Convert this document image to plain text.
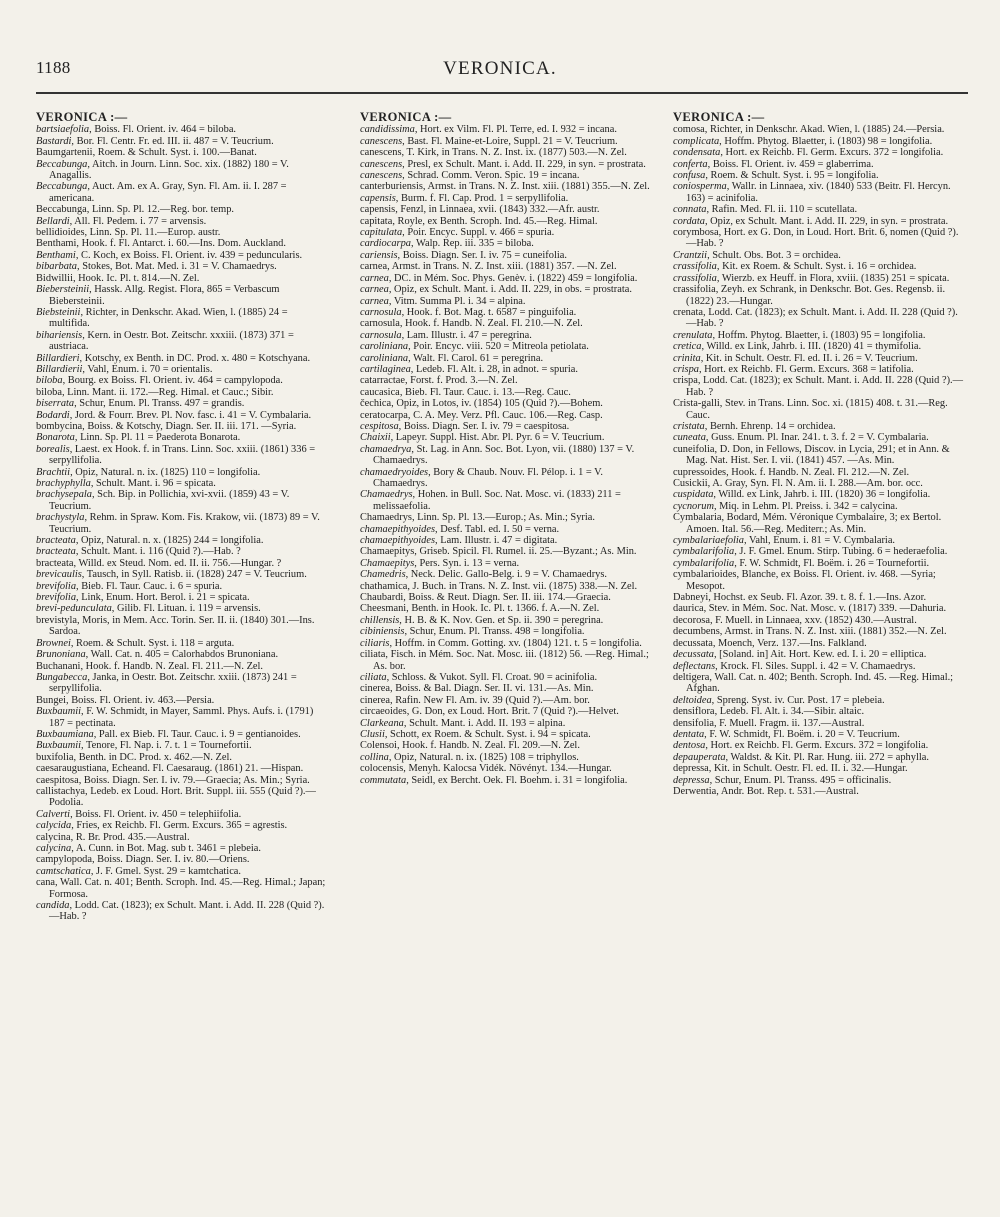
1188	VERONICA.
VERONICA :—

bartsiaefolia, Boiss. Fl. Orient. iv. 464 = biloba.

Bastardi, Bor. Fl. Centr. Fr. ed. III. ii. 487 = V. Teucrium.

Baumgartenii, Roem. & Schult. Syst. i. 100.—Banat.

Beccabunga, Aitch. in Journ. Linn. Soc. xix. (1882) 180 = V. Anagallis.

Beccabunga, Auct. Am. ex A. Gray, Syn. Fl. Am. ii. I. 287 = americana.

Beccabunga, Linn. Sp. Pl. 12.—Reg. bor. temp.

Bellardi, All. Fl. Pedem. i. 77 = arvensis.

bellidioides, Linn. Sp. Pl. 11.—Europ. austr.

Benthami, Hook. f. Fl. Antarct. i. 60.—Ins. Dom. Auckland.

Benthami, C. Koch, ex Boiss. Fl. Orient. iv. 439 = peduncularis.

bibarbata, Stokes, Bot. Mat. Med. i. 31 = V. Chamaedrys.

Bidwillii, Hook. Ic. Pl. t. 814.—N. Zel.

Biebersteinii, Hassk. Allg. Regist. Flora, 865 = Verbascum Biebersteinii.

Biebsteinii, Richter, in Denkschr. Akad. Wien, l. (1885) 24 = multifida.

bihariensis, Kern. in Oestr. Bot. Zeitschr. xxxiii. (1873) 371 = austriaca.

Billardieri, Kotschy, ex Benth. in DC. Prod. x. 480 = Kotschyana.

Billardierii, Vahl, Enum. i. 70 = orientalis.

biloba, Bourg. ex Boiss. Fl. Orient. iv. 464 = campylopoda.

biloba, Linn. Mant. ii. 172.—Reg. Himal. et Cauc.; Sibir.

biserrata, Schur, Enum. Pl. Transs. 497 = grandis.

Bodardi, Jord. & Fourr. Brev. Pl. Nov. fasc. i. 41 = V. Cymbalaria.

bombycina, Boiss. & Kotschy, Diagn. Ser. II. iii. 171. —Syria.

Bonarota, Linn. Sp. Pl. 11 = Paederota Bonarota.

borealis, Laest. ex Hook. f. in Trans. Linn. Soc. xxiii. (1861) 336 = serpyllifolia.

Brachtii, Opiz, Natural. n. ix. (1825) 110 = longifolia.

brachyphylla, Schult. Mant. i. 96 = spicata.

brachysepala, Sch. Bip. in Pollichia, xvi-xvii. (1859) 43 = V. Teucrium.

brachystyla, Rehm. in Spraw. Kom. Fis. Krakow, vii. (1873) 89 = V. Teucrium.

bracteata, Opiz, Natural. n. x. (1825) 244 = longifolia.

bracteata, Schult. Mant. i. 116 (Quid ?).—Hab. ?

bracteata, Willd. ex Steud. Nom. ed. II. ii. 756.—Hungar. ?

brevicaulis, Tausch, in Syll. Ratisb. ii. (1828) 247 = V. Teucrium.

brevifolia, Bieb. Fl. Taur. Cauc. i. 6 = spuria.

brevifolia, Link, Enum. Hort. Berol. i. 21 = spicata.

brevi-pedunculata, Gilib. Fl. Lituan. i. 119 = arvensis.

brevistyla, Moris, in Mem. Acc. Torin. Ser. II. ii. (1840) 301.—Ins. Sardoa.

Brownei, Roem. & Schult. Syst. i. 118 = arguta.

Brunoniana, Wall. Cat. n. 405 = Calorhabdos Brunoniana.

Buchanani, Hook. f. Handb. N. Zeal. Fl. 211.—N. Zel.

Bungabecca, Janka, in Oestr. Bot. Zeitschr. xxiii. (1873) 241 = serpyllifolia.

Bungei, Boiss. Fl. Orient. iv. 463.—Persia.

Buxbaumii, F. W. Schmidt, in Mayer, Samml. Phys. Aufs. i. (1791) 187 = pectinata.

Buxbaumiana, Pall. ex Bieb. Fl. Taur. Cauc. i. 9 = gentianoides.

Buxbaumii, Tenore, Fl. Nap. i. 7. t. 1 = Tournefortii.

buxifolia, Benth. in DC. Prod. x. 462.—N. Zel.

caesaraugustiana, Echeand. Fl. Caesaraug. (1861) 21. —Hispan.

caespitosa, Boiss. Diagn. Ser. I. iv. 79.—Graecia; As. Min.; Syria.

callistachya, Ledeb. ex Loud. Hort. Brit. Suppl. iii. 555 (Quid ?).—Podolia.

Calverti, Boiss. Fl. Orient. iv. 450 = telephiifolia.

calycida, Fries, ex Reichb. Fl. Germ. Excurs. 365 = agrestis.

calycina, R. Br. Prod. 435.—Austral.

calycina, A. Cunn. in Bot. Mag. sub t. 3461 = plebeia.

campylopoda, Boiss. Diagn. Ser. I. iv. 80.—Oriens.

camtschatica, J. F. Gmel. Syst. 29 = kamtchatica.

cana, Wall. Cat. n. 401; Benth. Scroph. Ind. 45.—Reg. Himal.; Japan; Formosa.

candida, Lodd. Cat. (1823); ex Schult. Mant. i. Add. II. 228 (Quid ?).—Hab. ?

VERONICA :—

candidissima, Hort. ex Vilm. Fl. Pl. Terre, ed. I. 932 = incana.

canescens, Bast. Fl. Maine-et-Loire, Suppl. 21 = V. Teucrium.

canescens, T. Kirk, in Trans. N. Z. Inst. ix. (1877) 503.—N. Zel.

canescens, Presl, ex Schult. Mant. i. Add. II. 229, in syn. = prostrata.

canescens, Schrad. Comm. Veron. Spic. 19 = incana.

canterburiensis, Armst. in Trans. N. Z. Inst. xiii. (1881) 355.—N. Zel.

capensis, Burm. f. Fl. Cap. Prod. 1 = serpyllifolia.

capensis, Fenzl, in Linnaea, xvii. (1843) 332.—Afr. austr.

capitata, Royle, ex Benth. Scroph. Ind. 45.—Reg. Himal.

capitulata, Poir. Encyc. Suppl. v. 466 = spuria.

cardiocarpa, Walp. Rep. iii. 335 = biloba.

cariensis, Boiss. Diagn. Ser. I. iv. 75 = cuneifolia.

carnea, Armst. in Trans. N. Z. Inst. xiii. (1881) 357. —N. Zel.

carnea, DC. in Mém. Soc. Phys. Genèv. i. (1822) 459 = longifolia.

carnea, Opiz, ex Schult. Mant. i. Add. II. 229, in obs. = prostrata.

carnea, Vitm. Summa Pl. i. 34 = alpina.

carnosula, Hook. f. Bot. Mag. t. 6587 = pinguifolia.

carnosula, Hook. f. Handb. N. Zeal. Fl. 210.—N. Zel.

carnosula, Lam. Illustr. i. 47 = peregrina.

caroliniana, Poir. Encyc. viii. 520 = Mitreola petiolata.

caroliniana, Walt. Fl. Carol. 61 = peregrina.

cartilaginea, Ledeb. Fl. Alt. i. 28, in adnot. = spuria.

catarractae, Forst. f. Prod. 3.—N. Zel.

caucasica, Bieb. Fl. Taur. Cauc. i. 13.—Reg. Cauc.

čechica, Opiz, in Lotos, iv. (1854) 105 (Quid ?).—Bohem.

ceratocarpa, C. A. Mey. Verz. Pfl. Cauc. 106.—Reg. Casp.

cespitosa, Boiss. Diagn. Ser. I. iv. 79 = caespitosa.

Chaixii, Lapeyr. Suppl. Hist. Abr. Pl. Pyr. 6 = V. Teucrium.

chamaedrya, St. Lag. in Ann. Soc. Bot. Lyon, vii. (1880) 137 = V. Chamaedrys.

chamaedryoides, Bory & Chaub. Nouv. Fl. Pélop. i. 1 = V. Chamaedrys.

Chamaedrys, Hohen. in Bull. Soc. Nat. Mosc. vi. (1833) 211 = melissaefolia.

Chamaedrys, Linn. Sp. Pl. 13.—Europ.; As. Min.; Syria.

chamaepithyoides, Desf. Tabl. ed. I. 50 = verna.

chamaepithyoides, Lam. Illustr. i. 47 = digitata.

Chamaepitys, Griseb. Spicil. Fl. Rumel. ii. 25.—Byzant.; As. Min.

Chamaepitys, Pers. Syn. i. 13 = verna.

Chamedris, Neck. Delic. Gallo-Belg. i. 9 = V. Chamaedrys.

chathamica, J. Buch. in Trans. N. Z. Inst. vii. (1875) 338.—N. Zel.

Chaubardi, Boiss. & Reut. Diagn. Ser. II. iii. 174.—Graecia.

Cheesmani, Benth. in Hook. Ic. Pl. t. 1366. f. A.—N. Zel.

chillensis, H. B. & K. Nov. Gen. et Sp. ii. 390 = peregrina.

cibiniensis, Schur, Enum. Pl. Transs. 498 = longifolia.

ciliaris, Hoffm. in Comm. Gotting. xv. (1804) 121. t. 5 = longifolia.

ciliata, Fisch. in Mém. Soc. Nat. Mosc. iii. (1812) 56. —Reg. Himal.; As. bor.

ciliata, Schloss. & Vukot. Syll. Fl. Croat. 90 = acinifolia.

cinerea, Boiss. & Bal. Diagn. Ser. II. vi. 131.—As. Min.

cinerea, Rafin. New Fl. Am. iv. 39 (Quid ?).—Am. bor.

circaeoides, G. Don, ex Loud. Hort. Brit. 7 (Quid ?).—Helvet.

Clarkeana, Schult. Mant. i. Add. II. 193 = alpina.

Clusii, Schott, ex Roem. & Schult. Syst. i. 94 = spicata.

Colensoi, Hook. f. Handb. N. Zeal. Fl. 209.—N. Zel.

collina, Opiz, Natural. n. ix. (1825) 108 = triphyllos.

colocensis, Menyh. Kalocsa Vidék. Növényt. 134.—Hungar.

commutata, Seidl, ex Bercht. Oek. Fl. Boehm. i. 31 = longifolia.

VERONICA :—

comosa, Richter, in Denkschr. Akad. Wien, l. (1885) 24.—Persia.

complicata, Hoffm. Phytog. Blaetter, i. (1803) 98 = longifolia.

condensata, Hort. ex Reichb. Fl. Germ. Excurs. 372 = longifolia.

conferta, Boiss. Fl. Orient. iv. 459 = glaberrima.

confusa, Roem. & Schult. Syst. i. 95 = longifolia.

coniosperma, Wallr. in Linnaea, xiv. (1840) 533 (Beitr. Fl. Hercyn. 163) = acinifolia.

connata, Rafin. Med. Fl. ii. 110 = scutellata.

cordata, Opiz, ex Schult. Mant. i. Add. II. 229, in syn. = prostrata.

corymbosa, Hort. ex G. Don, in Loud. Hort. Brit. 6, nomen (Quid ?).—Hab. ?

Crantzii, Schult. Obs. Bot. 3 = orchidea.

crassifolia, Kit. ex Roem. & Schult. Syst. i. 16 = orchidea.

crassifolia, Wierzb. ex Heuff. in Flora, xviii. (1835) 251 = spicata.

crassifolia, Zeyh. ex Schrank, in Denkschr. Bot. Ges. Regensb. ii. (1822) 23.—Hungar.

crenata, Lodd. Cat. (1823); ex Schult. Mant. i. Add. II. 228 (Quid ?).—Hab. ?

crenulata, Hoffm. Phytog. Blaetter, i. (1803) 95 = longifolia.

cretica, Willd. ex Link, Jahrb. i. III. (1820) 41 = thymifolia.

crinita, Kit. in Schult. Oestr. Fl. ed. II. i. 26 = V. Teucrium.

crispa, Hort. ex Reichb. Fl. Germ. Excurs. 368 = latifolia.

crispa, Lodd. Cat. (1823); ex Schult. Mant. i. Add. II. 228 (Quid ?).—Hab. ?

Crista-galli, Stev. in Trans. Linn. Soc. xi. (1815) 408. t. 31.—Reg. Cauc.

cristata, Bernh. Ehrenp. 14 = orchidea.

cuneata, Guss. Enum. Pl. Inar. 241. t. 3. f. 2 = V. Cymbalaria.

cuneifolia, D. Don, in Fellows, Discov. in Lycia, 291; et in Ann. & Mag. Nat. Hist. Ser. I. vii. (1841) 457. —As. Min.

cupressoides, Hook. f. Handb. N. Zeal. Fl. 212.—N. Zel.

Cusickii, A. Gray, Syn. Fl. N. Am. ii. I. 288.—Am. bor. occ.

cuspidata, Willd. ex Link, Jahrb. i. III. (1820) 36 = longifolia.

cycnorum, Miq. in Lehm. Pl. Preiss. i. 342 = calycina.

Cymbalaria, Bodard, Mém. Véronique Cymbalaire, 3; ex Bertol. Amoen. Ital. 56.—Reg. Mediterr.; As. Min.

cymbalariaefolia, Vahl, Enum. i. 81 = V. Cymbalaria.

cymbalarifolia, J. F. Gmel. Enum. Stirp. Tubing. 6 = hederaefolia.

cymbalarifolia, F. W. Schmidt, Fl. Boëm. i. 26 = Tournefortii.

cymbalarioides, Blanche, ex Boiss. Fl. Orient. iv. 468. —Syria; Mesopot.

Dabneyi, Hochst. ex Seub. Fl. Azor. 39. t. 8. f. 1.—Ins. Azor.

daurica, Stev. in Mém. Soc. Nat. Mosc. v. (1817) 339. —Dahuria.

decorosa, F. Muell. in Linnaea, xxv. (1852) 430.—Austral.

decumbens, Armst. in Trans. N. Z. Inst. xiii. (1881) 352.—N. Zel.

decussata, Moench, Verz. 137.—Ins. Falkland.

decussata, [Soland. in] Ait. Hort. Kew. ed. I. i. 20 = elliptica.

deflectans, Krock. Fl. Siles. Suppl. i. 42 = V. Chamaedrys.

deltigera, Wall. Cat. n. 402; Benth. Scroph. Ind. 45. —Reg. Himal.; Afghan.

deltoidea, Spreng. Syst. iv. Cur. Post. 17 = plebeia.

densiflora, Ledeb. Fl. Alt. i. 34.—Sibir. altaic.

densifolia, F. Muell. Fragm. ii. 137.—Austral.

dentata, F. W. Schmidt, Fl. Boëm. i. 20 = V. Teucrium.

dentosa, Hort. ex Reichb. Fl. Germ. Excurs. 372 = longifolia.

depauperata, Waldst. & Kit. Pl. Rar. Hung. iii. 272 = aphylla.

depressa, Kit. in Schult. Oestr. Fl. ed. II. i. 32.—Hungar.

depressa, Schur, Enum. Pl. Transs. 495 = officinalis.

Derwentia, Andr. Bot. Rep. t. 531.—Austral.
